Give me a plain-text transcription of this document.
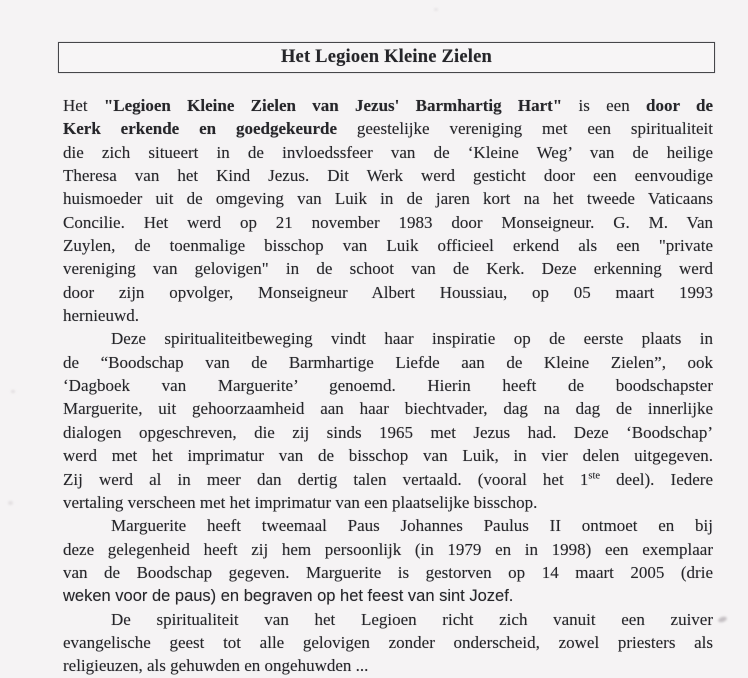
Het Legioen Kleine Zielen
Het "Legioen Kleine Zielen van Jezus' Barmhartig Hart" is een door de
Kerk erkende en goedgekeurde geestelijke vereniging met een spiritualiteit
die zich situeert in de invloedssfeer van de ‘Kleine Weg’ van de heilige
Theresa van het Kind Jezus. Dit Werk werd gesticht door een eenvoudige
huismoeder uit de omgeving van Luik in de jaren kort na het tweede Vaticaans
Concilie. Het werd op 21 november 1983 door Monseigneur. G. M. Van
Zuylen, de toenmalige bisschop van Luik officieel erkend als een "private
vereniging van gelovigen" in de schoot van de Kerk. Deze erkenning werd
door zijn opvolger, Monseigneur Albert Houssiau, op 05 maart 1993
hernieuwd.
Deze spiritualiteitbeweging vindt haar inspiratie op de eerste plaats in
de “Boodschap van de Barmhartige Liefde aan de Kleine Zielen”, ook
‘Dagboek van Marguerite’ genoemd. Hierin heeft de boodschapster
Marguerite, uit gehoorzaamheid aan haar biechtvader, dag na dag de innerlijke
dialogen opgeschreven, die zij sinds 1965 met Jezus had. Deze ‘Boodschap’
werd met het imprimatur van de bisschop van Luik, in vier delen uitgegeven.
Zij werd al in meer dan dertig talen vertaald. (vooral het 1ste deel). Iedere
vertaling verscheen met het imprimatur van een plaatselijke bisschop.
Marguerite heeft tweemaal Paus Johannes Paulus II ontmoet en bij
deze gelegenheid heeft zij hem persoonlijk (in 1979 en in 1998) een exemplaar
van de Boodschap gegeven. Marguerite is gestorven op 14 maart 2005 (drie
weken voor de paus) en begraven op het feest van sint Jozef.
De spiritualiteit van het Legioen richt zich vanuit een zuiver
evangelische geest tot alle gelovigen zonder onderscheid, zowel priesters als
religieuzen, als gehuwden en ongehuwden ...
